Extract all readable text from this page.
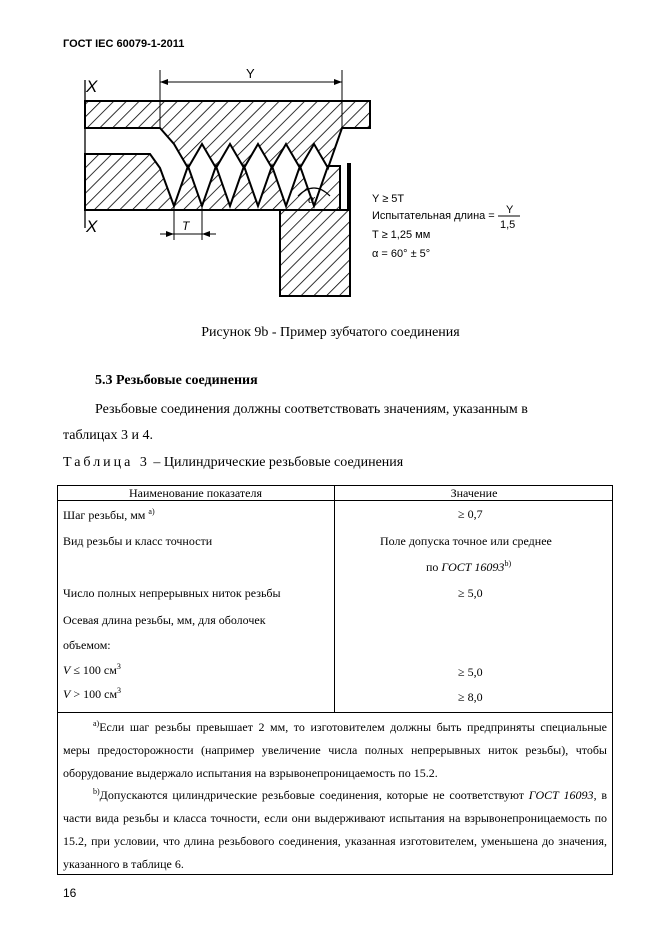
ГОСТ IEC 60079-1-2011
X
X
Y
T
α	Y ≥ 5T
Испытательная длина = Y
1,5
T ≥ 1,25 мм
α = 60° ± 5°
Рисунок 9b - Пример зубчатого соединения
5.3 Резьбовые соединения
Резьбовые соединения должны соответствовать значениям, указанным в
таблицах 3 и 4.
Таблица 3 – Цилиндрические резьбовые соединения
Наименование показателя	Значение
Шаг резьбы, мм $^{a)}$	≥ 0,7
Вид резьбы и класс точности	Поле допуска точное или среднее
по ГОСТ 16093$^{b)}$
Число полных непрерывных ниток резьбы	≥ 5,0
Осевая длина резьбы, мм, для оболочек
объемом:
V ≤ 100 $см^3$	≥ 5,0
V > 100 $см^3$	≥ 8,0
$^{a)}$Если шаг резьбы превышает 2 мм, то изготовителем должны быть предприняты специальные меры предосторожности (например увеличение числа полных непрерывных ниток резьбы), чтобы оборудование выдержало испытания на взрывонепроницаемость по 15.2.
$^{b)}$Допускаются цилиндрические резьбовые соединения, которые не соответствуют ГОСТ 16093, в части вида резьбы и класса точности, если они выдерживают испытания на взрывонепроницаемость по 15.2, при условии, что длина резьбового соединения, указанная изготовителем, уменьшена до значения, указанного в таблице 6.
16
